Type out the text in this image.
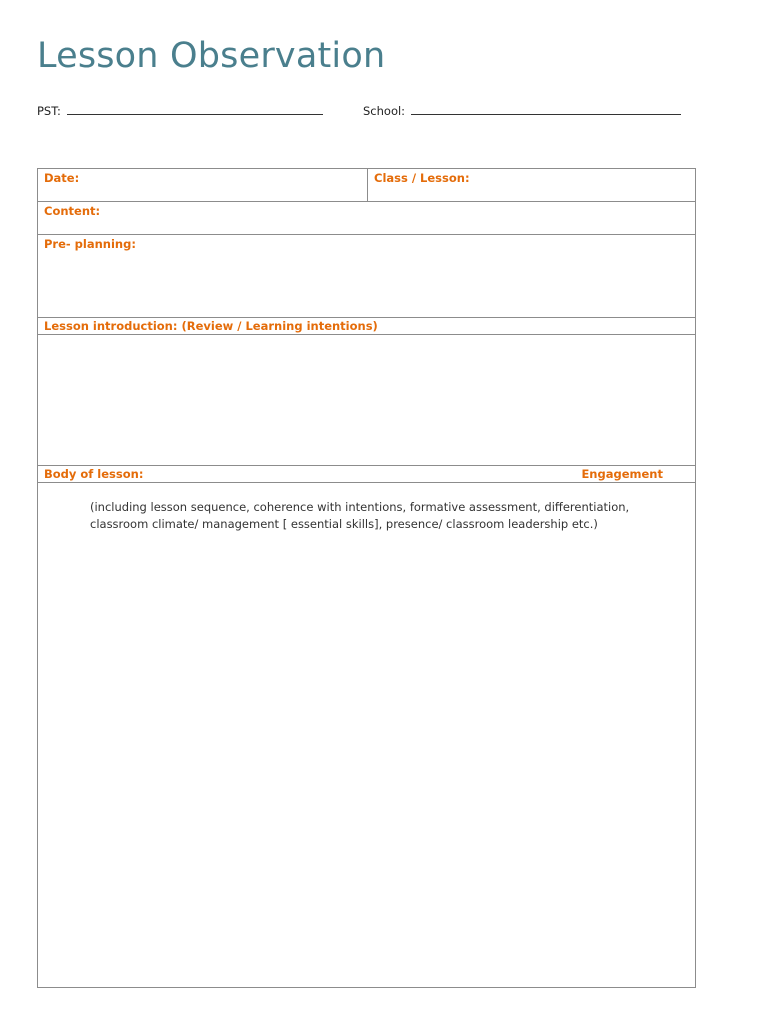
Lesson Observation
PST:	School:
Date:	Class / Lesson:
Content:
Pre- planning:
Lesson introduction: (Review / Learning intentions)
Body of lesson:	Engagement
(including lesson sequence, coherence with intentions, formative assessment, differentiation,
classroom climate/ management [ essential skills], presence/ classroom leadership etc.)
